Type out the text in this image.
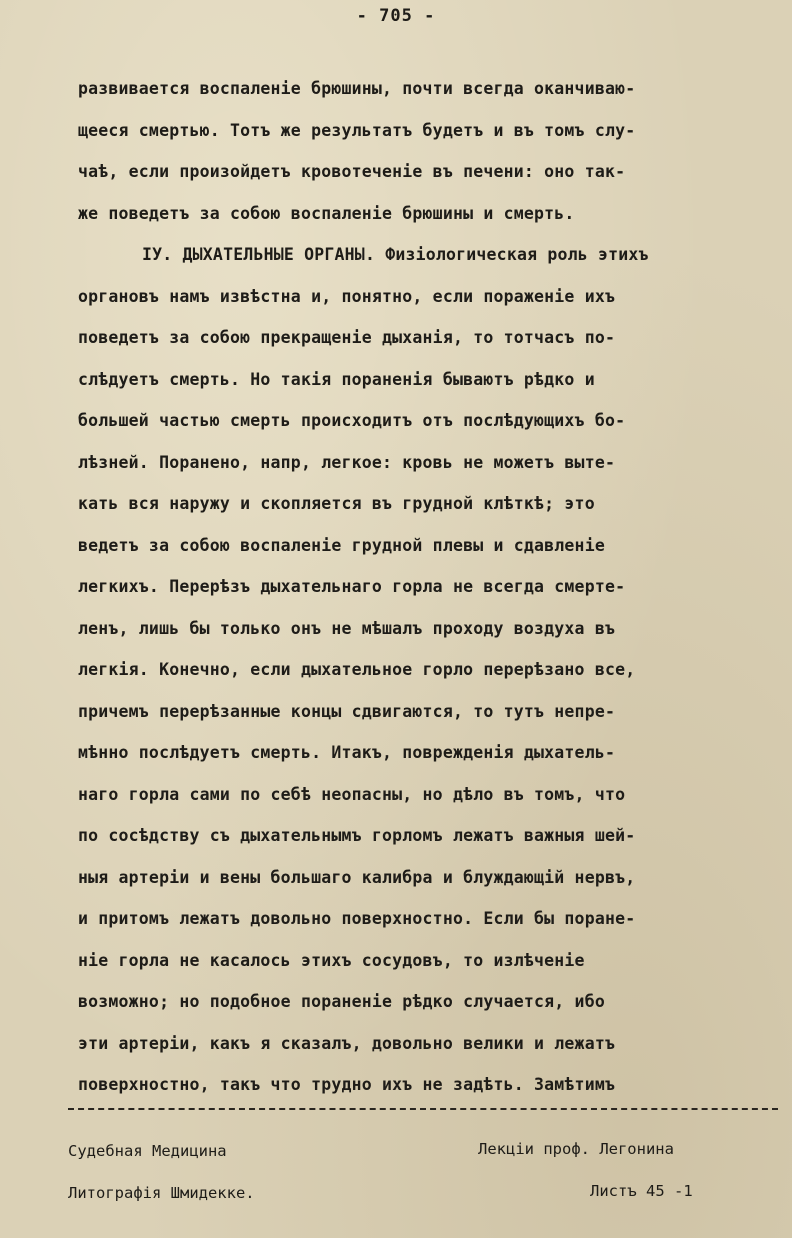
- 705 -
развивается воспаленіе брюшины, почти всегда оканчиваю-
щееся смертью. Тотъ же результатъ будетъ и въ томъ слу-
чаѣ, если произойдетъ кровотеченіе въ печени: оно так-
же поведетъ за собою воспаленіе брюшины и смерть.
IУ. ДЫХАТЕЛЬНЫЕ ОРГАНЫ. Физіологическая роль этихъ
органовъ намъ извѣстна и, понятно, если пораженіе ихъ
поведетъ за собою прекращеніе дыханія, то тотчасъ по-
слѣдуетъ смерть. Но такія пораненія бываютъ рѣдко и
большей частью смерть происходитъ отъ послѣдующихъ бо-
лѣзней. Поранено, напр, легкое: кровь не можетъ выте-
кать вся наружу и скопляется въ грудной клѣткѣ; это
ведетъ за собою воспаленіе грудной плевы и сдавленіе
легкихъ. Перерѣзъ дыхательнаго горла не всегда смерте-
ленъ, лишь бы только онъ не мѣшалъ проходу воздуха въ
легкія. Конечно, если дыхательное горло перерѣзано все,
причемъ перерѣзанные концы сдвигаются, то тутъ непре-
мѣнно послѣдуетъ смерть. Итакъ, поврежденія дыхатель-
наго горла сами по себѣ неопасны, но дѣло въ томъ, что
по сосѣдству съ дыхательнымъ горломъ лежатъ важныя шей-
ныя артеріи и вены большаго калибра и блуждающій нервъ,
и притомъ лежатъ довольно поверхностно. Если бы поране-
ніе горла не касалось этихъ сосудовъ, то излѣченіе
возможно; но подобное пораненіе рѣдко случается, ибо
эти артеріи, какъ я сказалъ, довольно велики и лежатъ
поверхностно, такъ что трудно ихъ не задѣть. Замѣтимъ
Судебная Медицина
Литографія Шмидекке.
Лекціи проф. Легонина
Листъ 45 -1
